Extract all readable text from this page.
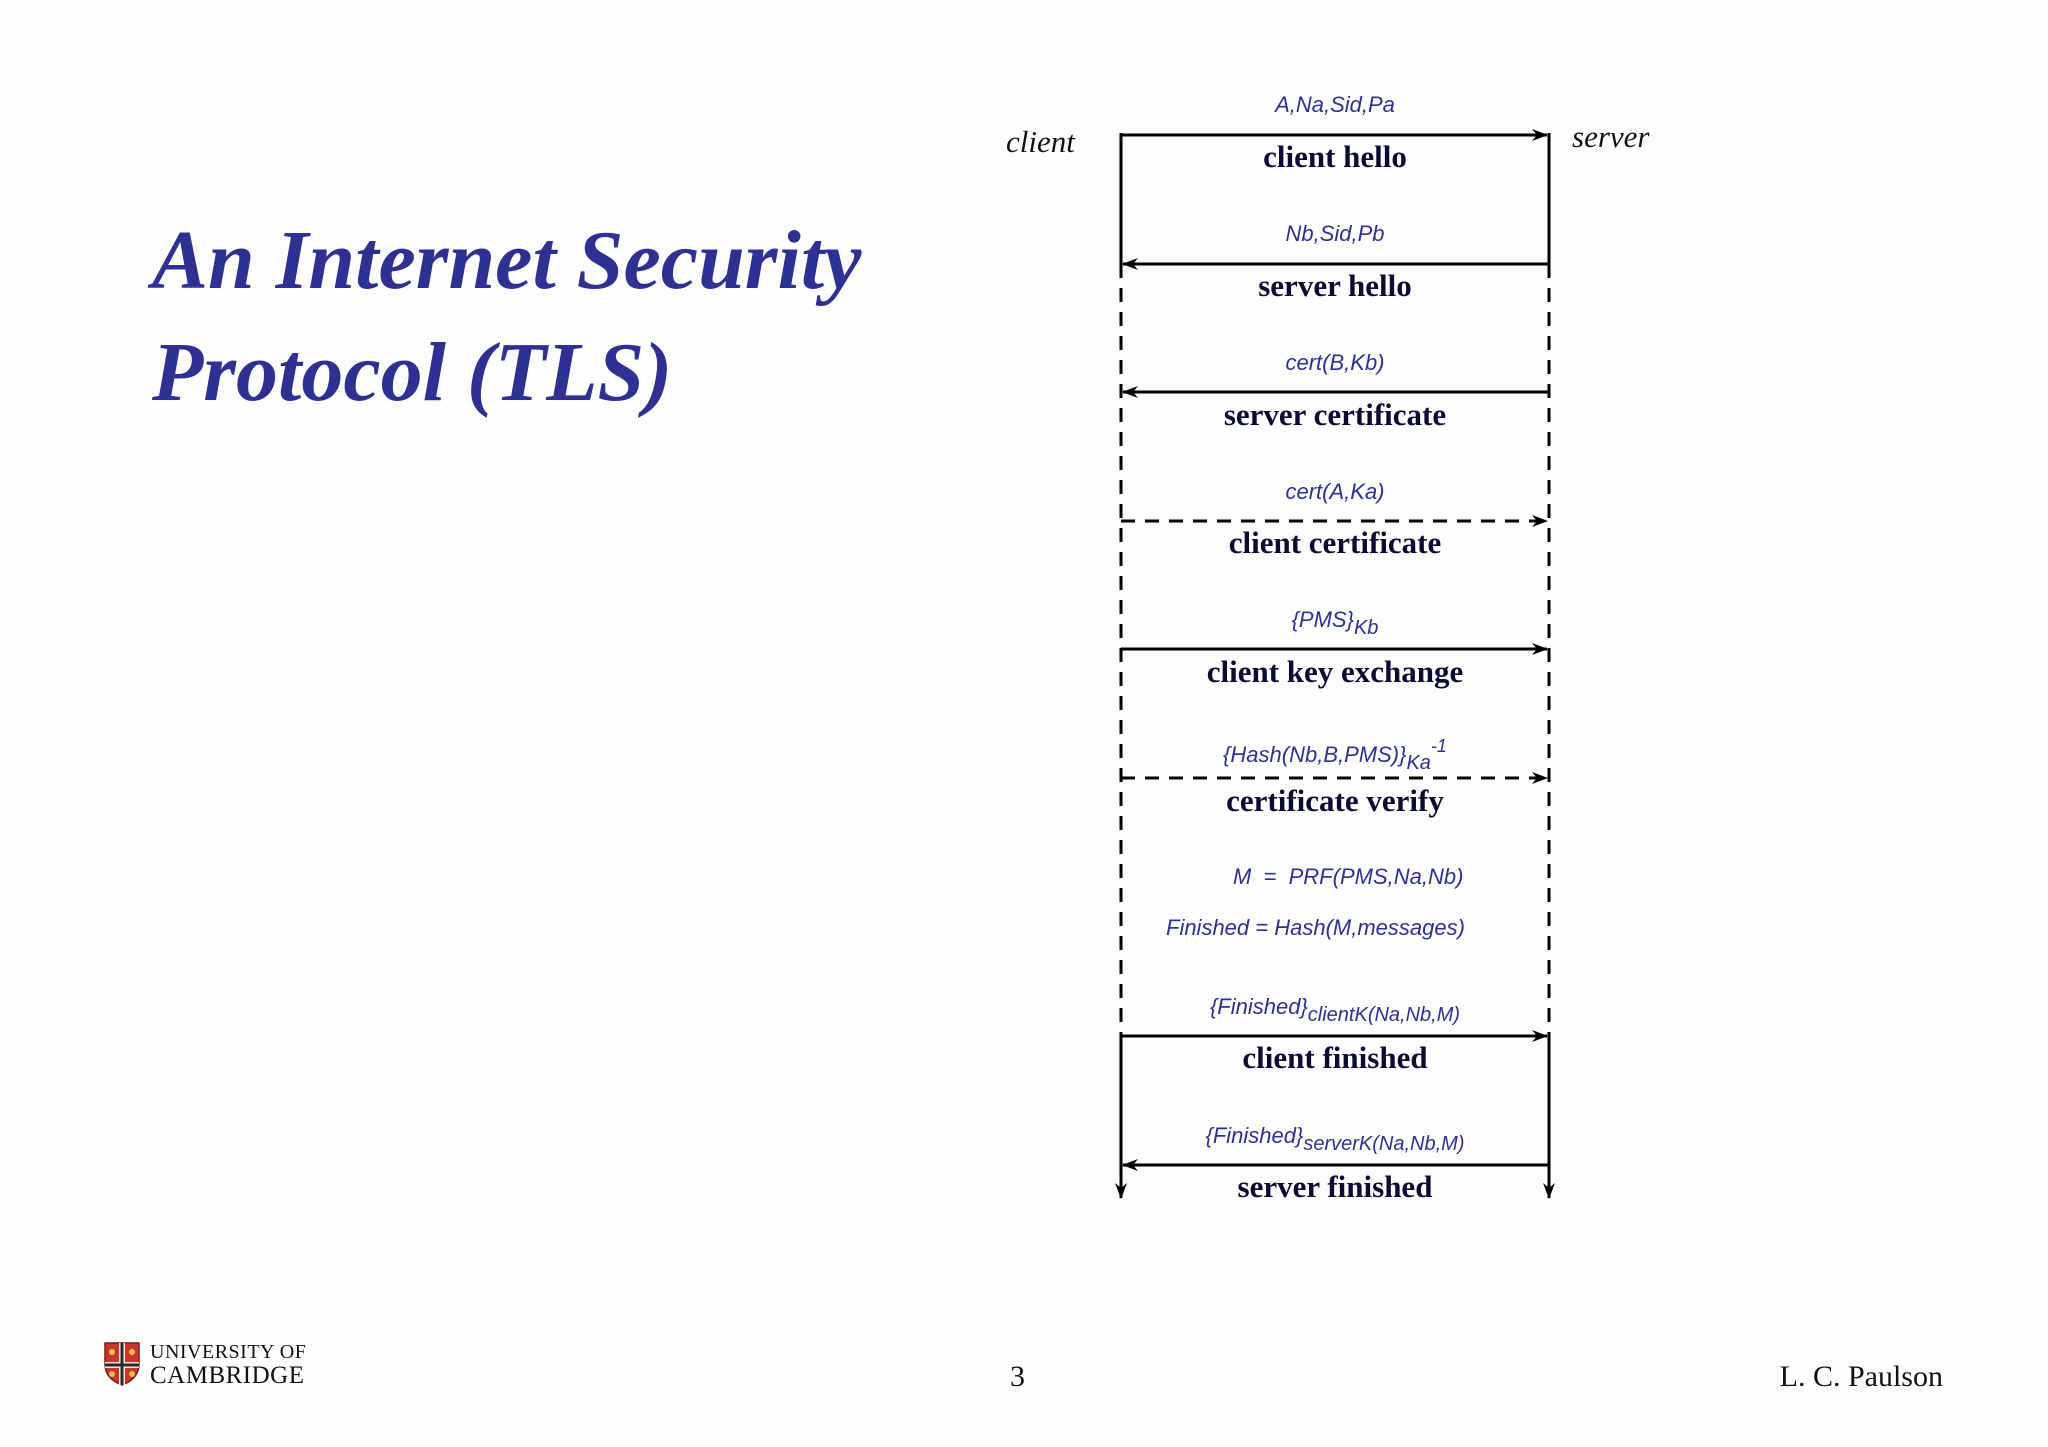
An Internet Security
Protocol (TLS)
client	server
A,Na,Sid,Pa
client hello
Nb,Sid,Pb
server hello
cert(B,Kb)
server certificate
cert(A,Ka)
client certificate
{PMS}Kb
client key exchange
$\{Hash(Nb,B,PMS)\}Ka^{-1}$
certificate verify
M  =  PRF(PMS,Na,Nb)
Finished = Hash(M,messages)
{Finished}clientK(Na,Nb,M)
client finished
{Finished}serverK(Na,Nb,M)
server finished
UNIVERSITY OF
CAMBRIDGE	3	L. C. Paulson
